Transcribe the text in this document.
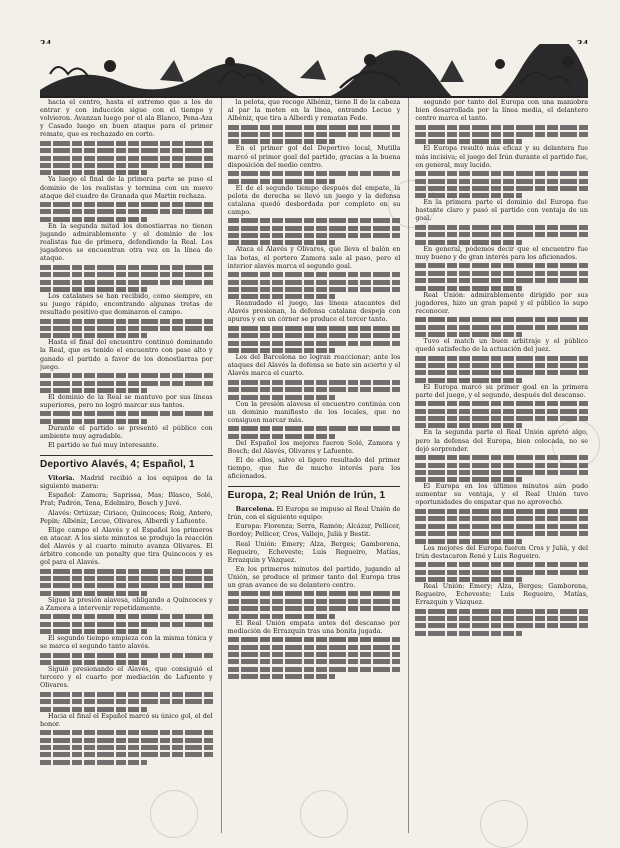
hacia el centro, hasta el extremo que a los de entrar y con inducción sigue con el tiempo y volvieron. Avanzan luego por el ala Blanco, Pena-Aza y Casado luego en buen ataque para el primer remate, que es rechazado en corto.

Ya luego el final de la primera parte se puso el dominio de los realistas y termina con un nuevo ataque del cuadro de Granada que Martin rechaza.

En la segunda mitad los donostiarras no tienen jugando admirablemente y el dominio de los realistas fue de primera, defendiendo la Real. Los jugadores se encuentran otra vez en la línea de ataque.

Los catalanes se han recibido, como siempre, en su juego rápido, encontrando algunas tretas de resultado positivo que dominaron el campo.

Hasta el final del encuentro continuó dominando la Real, que es tenido el encuentro con pase alto y ganado el partido a favor de los donostiarras por juego.

El dominio de la Real se mantuvo por sus líneas superiores, pero no logró marcar sus tantos.

Durante el partido se presentó el público con ambiente muy agradable.

El partido se fué muy interesante.

Deportivo Alavés, 4; Español, 1

Vitoria. Madrid recibió a los equipos de la siguiente manera:

Español: Zamora; Saprissa, Mas; Blasco, Solé, Prat; Padrón, Tena, Edelmiro, Bosch y Juvé.

Alavés: Ortúzar; Ciriaco, Quincoces; Roig, Antero, Pepín; Albéniz, Lecue, Olivares, Alberdi y Lafuente.

Elige campo el Alavés y el Español los primeros en atacar. A los siete minutos se produjo la reacción del Alavés y al cuarto minuto avanza Olivares. El árbitro concede un penalty que tira Quincoces y es gol para el Alavés.

Sigue la presión alavesa, obligando a Quincoces y a Zamora a intervenir repetidamente.

El segundo tiempo empieza con la misma tónica y se marca el segundo tanto alavés.

Siguió presionando el Alavés, que consiguió el tercero y el cuarto por mediación de Lafuente y Olivares.

Hacia el final el Español marcó su único gol, el del honor.

la pelota, que recoge Albéniz, tiene Il de la cabeza al par la meten en la línea, entrando Lecue y Albéniz, que tira a Alberdi y rematan Fede.

En el primer gol del Deportivo local, Mutilla marcó el primer goal del partido, gracias a la buena disposición del medio centro.

El de el segundo tiempo después del empate, la pelota de derecha se llevó un juego y la defensa catalana quedó desbordada por completo en su campo.

Ataca el Alavés y Olivares, que lleva el balón en las botas, el portero Zamora sale al paso, pero el interior alavés marca el segundo goal.

Reanudado el juego, las líneas atacantes del Alavés presionan, la defensa catalana despeja con apuros y en un córner se produce el tercer tanto.

Los del Barcelona no logran reaccionar; ante los ataques del Alavés la defensa se bate sin acierto y el Alavés marca el cuarto.

Con la presión alavesa el encuentro continúa con un dominio manifiesto de los locales, que no consiguen marcar más.

Del Español los mejores fueron Solé, Zamora y Bosch; del Alavés, Olivares y Lafuente.

El de ellos, salvo el ligero resultado del primer tiempo, que fue de mucho interés para los aficionados.

Europa, 2; Real Unión de Irún, 1

Barcelona. El Europa se impuso al Real Unión de Irún, con el siguiente equipo:

Europa: Florenza; Serra, Ramón; Alcázar, Pellicer, Bordoy; Pellicer, Cros, Vallejo, Julià y Bestit.

Real Unión: Emery; Alza, Berges; Gamborena, Regueiro, Echeveste; Luis Regueiro, Matías, Errazquin y Vázquez.

En los primeros minutos del partido, jugando al Unión, se produce el primer tanto del Europa tras un gran avance de su delantero centro.

El Real Unión empata antes del descanso por mediación de Errazquin tras una bonita jugada.

segundo por tanto del Europa con una maniobra bien desarrollada por la línea media, el delantero centro marca el tanto.

El Europa resultó más eficaz y su delantera fue más incisiva; el juego del Irún durante el partido fue, en general, muy lucido.

En la primera parte el dominio del Europa fue bastante claro y pasó el partido con ventaja de un goal.

En general, podemos decir que el encuentro fue muy bueno y de gran interés para los aficionados.

Real Unión: admirablemente dirigido por sus jugadores, hizo un gran papel y el público lo supo reconocer.

Tuvo el match un buen arbitraje y el público quedó satisfecho de la actuación del juez.

El Europa marcó su primer goal en la primera parte del juego, y el segundo, después del descanso.

En la segunda parte el Real Unión apretó algo, pero la defensa del Europa, bien colocada, no se dejó sorprender.

El Europa en los últimos minutos aún pudo aumentar su ventaja, y el Real Unión tuvo oportunidades de empatar que no aprovechó.

Los mejores del Europa fueron Cros y Julià, y del Irún destacaron René y Luis Regueiro.

Real Unión: Emery; Alza, Berges; Gamborena, Regueiro, Echeveste; Luis Regueiro, Matías, Errazquin y Vázquez.
